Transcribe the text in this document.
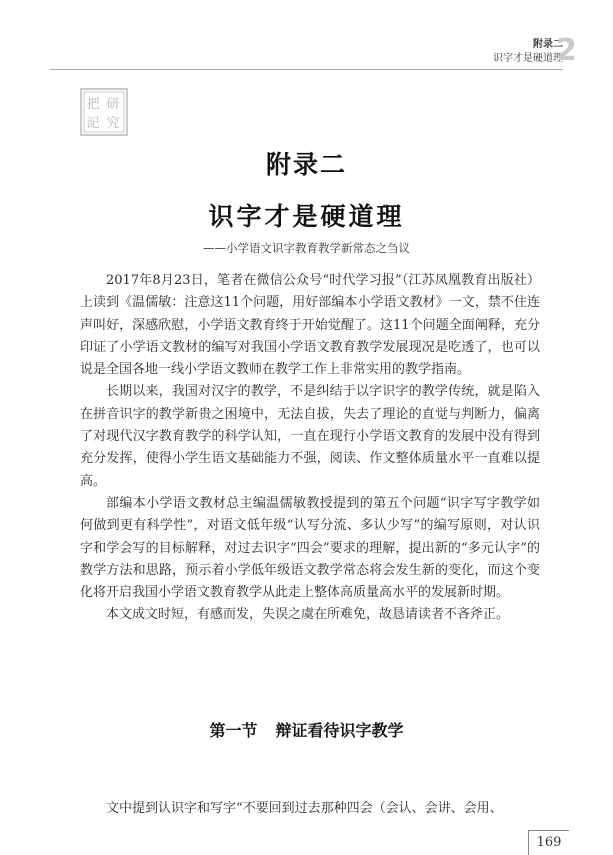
附录二
识字才是硬道理
2
把 研
記 究
附录二
识字才是硬道理
——小学语文识字教育教学新常态之刍议

2017年8月23日，笔者在微信公众号“时代学习报”（江苏凤凰教育出版社）上读到《温儒敏：注意这11个问题，用好部编本小学语文教材》一文，禁不住连声叫好，深感欣慰，小学语文教育终于开始觉醒了。这11个问题全面阐释，充分印证了小学语文教材的编写对我国小学语文教育教学发展现况是吃透了，也可以说是全国各地一线小学语文教师在教学工作上非常实用的教学指南。

长期以来，我国对汉字的教学，不是纠结于以字识字的教学传统，就是陷入在拼音识字的教学新贵之困境中，无法自拔，失去了理论的直觉与判断力，偏离了对现代汉字教育教学的科学认知，一直在现行小学语文教育的发展中没有得到充分发挥，使得小学生语文基础能力不强，阅读、作文整体质量水平一直难以提高。

部编本小学语文教材总主编温儒敏教授提到的第五个问题“识字写字教学如何做到更有科学性”，对语文低年级“认写分流、多认少写”的编写原则，对认识字和学会写的目标解释，对过去识字“四会”要求的理解，提出新的“多元认字”的教学方法和思路，预示着小学低年级语文教学常态将会发生新的变化，而这个变化将开启我国小学语文教育教学从此走上整体高质量高水平的发展新时期。

本文成文时短，有感而发，失误之虞在所难免，故恳请读者不吝斧正。

第一节 辩证看待识字教学
文中提到认识字和写字“不要回到过去那种四会（会认、会讲、会用、
169
